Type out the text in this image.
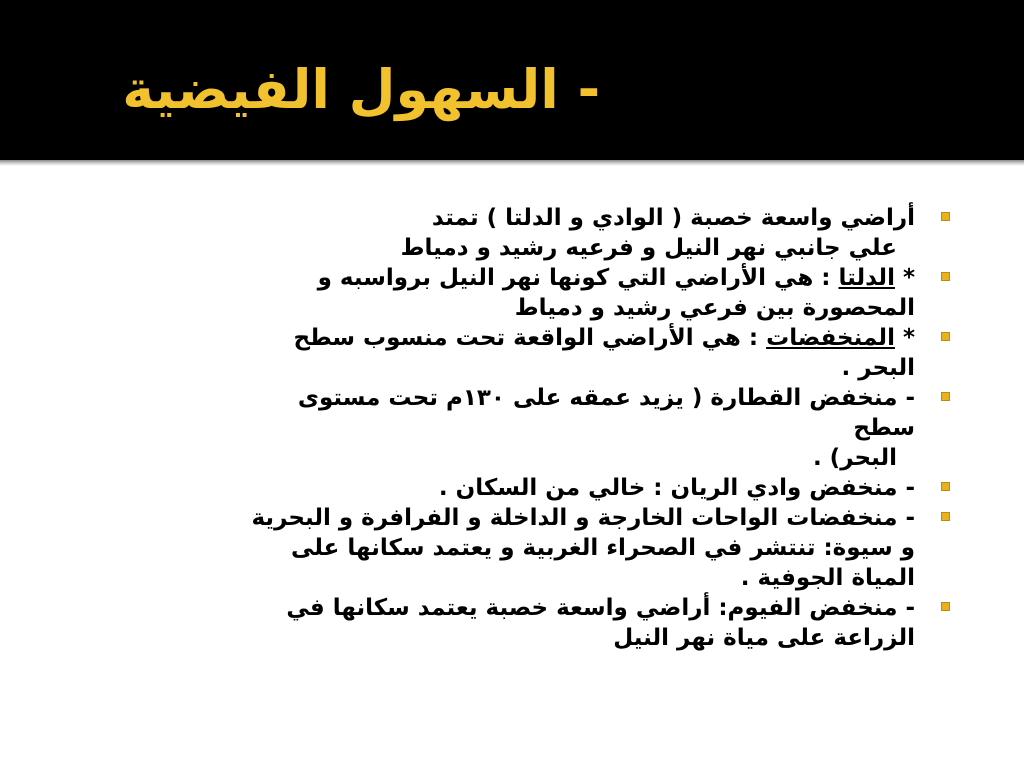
- السهول الفيضية
أراضي واسعة خصبة ( الوادي و الدلتا ) تمتد
علي جانبي نهر النيل و فرعيه رشيد و دمياط
* الدلتا : هي الأراضي التي كونها نهر النيل برواسبه و
المحصورة بين فرعي رشيد و دمياط
* المنخفضات : هي الأراضي الواقعة تحت منسوب سطح
البحر .
- منخفض القطارة ( يزيد عمقه على ١٣٠م تحت مستوى
سطح
البحر) .
- منخفض وادي الريان : خالي من السكان .
- منخفضات الواحات الخارجة و الداخلة و الفرافرة و البحرية
و سيوة: تنتشر في الصحراء الغربية و يعتمد سكانها على
المياة الجوفية .
- منخفض الفيوم: أراضي واسعة خصبة يعتمد سكانها في
الزراعة على مياة نهر النيل
